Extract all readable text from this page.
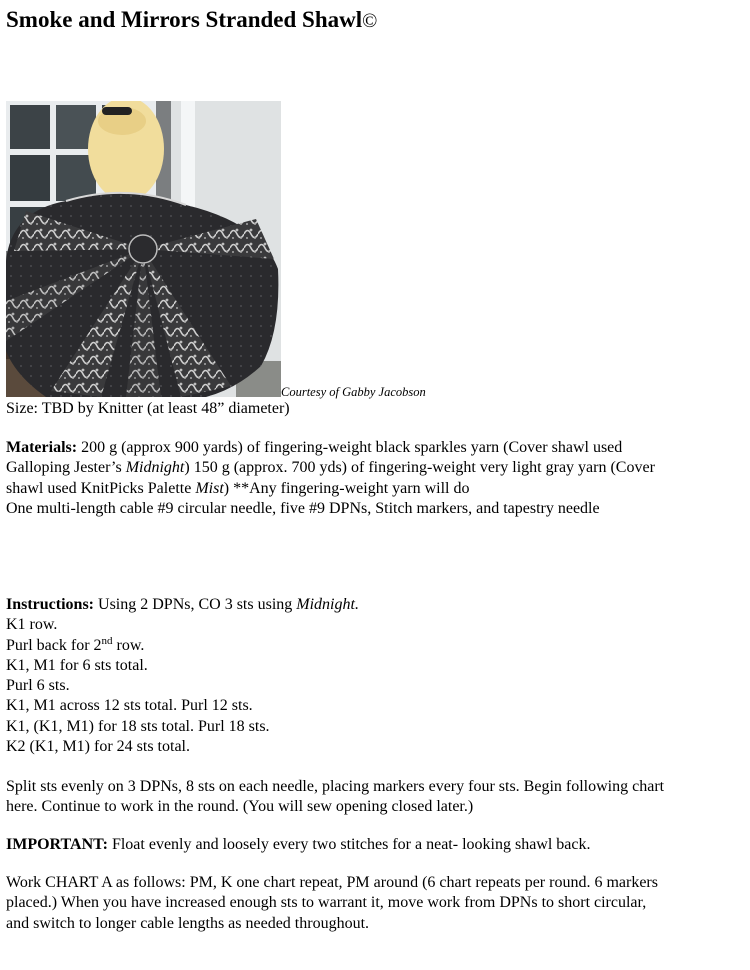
Smoke and Mirrors Stranded Shawl©
Courtesy of Gabby Jacobson

Size: TBD by Knitter (at least 48” diameter)

Materials: 200 g (approx 900 yards) of fingering-weight black sparkles yarn (Cover shawl used
Galloping Jester’s Midnight) 150 g (approx. 700 yds) of fingering-weight very light gray yarn (Cover
shawl used KnitPicks Palette Mist) **Any fingering-weight yarn will do
One multi-length cable #9 circular needle, five #9 DPNs, Stitch markers, and tapestry needle

Instructions: Using 2 DPNs, CO 3 sts using Midnight.
K1 row.
Purl back for 2nd row.
K1, M1 for 6 sts total.
Purl 6 sts.
K1, M1 across 12 sts total. Purl 12 sts.
K1, (K1, M1) for 18 sts total. Purl 18 sts.
K2 (K1, M1) for 24 sts total.

Split sts evenly on 3 DPNs, 8 sts on each needle, placing markers every four sts. Begin following chart
here. Continue to work in the round. (You will sew opening closed later.)

IMPORTANT: Float evenly and loosely every two stitches for a neat- looking shawl back.

Work CHART A as follows: PM, K one chart repeat, PM around (6 chart repeats per round. 6 markers
placed.) When you have increased enough sts to warrant it, move work from DPNs to short circular,
and switch to longer cable lengths as needed throughout.
